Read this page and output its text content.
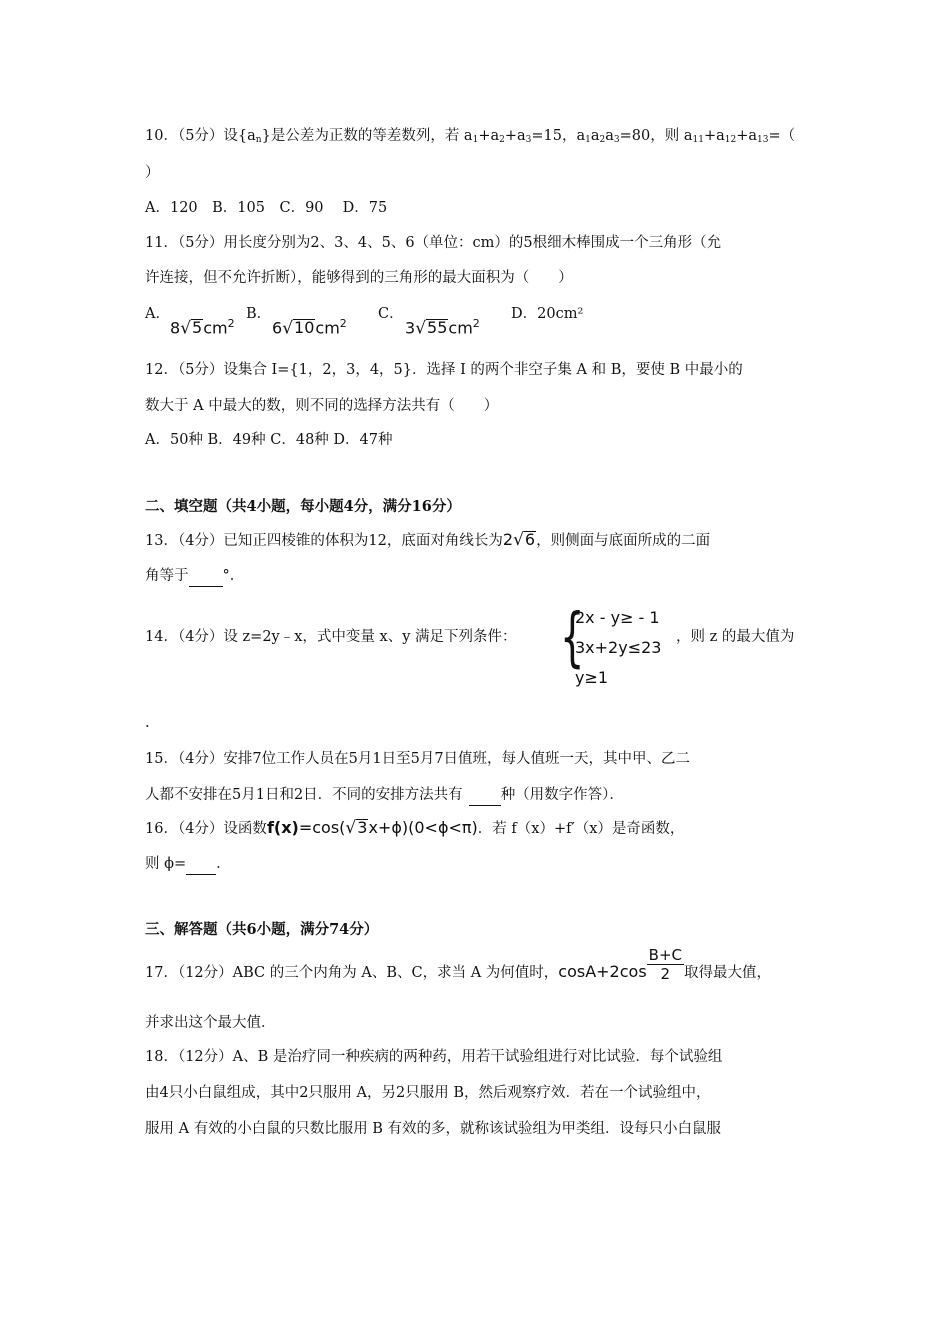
10．（5分）设$\{a_n\}$是公差为正数的等差数列，若 $a_1+a_2+a_3=15$，$a_1a_2a_3=80$，则 $a_{11}+a_{12}+a_{13}=$（
）
A．120　B．105　C．90　 D．75
11．（5分）用长度分别为2、3、4、5、6（单位：cm）的5根细木棒围成一个三角形（允
许连接，但不允许折断），能够得到的三角形的最大面积为（　　）
A．
$8√5cm^2$
B．
$6√10cm^2$
C．
$3√55cm^2$
D．20cm²
12．（5分）设集合 I={1，2，3，4，5}．选择 I 的两个非空子集 A 和 B，要使 B 中最小的
数大于 A 中最大的数，则不同的选择方法共有（　　）
A．50种 B．49种 C．48种 D．47种
二、填空题（共4小题，每小题4分，满分16分）
13．（4分）已知正四棱锥的体积为12，底面对角线长为2√6，则侧面与底面所成的二面
角等于 °．
14．（4分）设 z=2y﹣x，式中变量 x、y 满足下列条件： {
2x - y≥ - 1
3x+2y≤23
y≥1
，则 z 的最大值为
.
15．（4分）安排7位工作人员在5月1日至5月7日值班，每人值班一天，其中甲、乙二
人都不安排在5月1日和2日．不同的安排方法共有	种（用数字作答）．
16．（4分）设函数f(x)=cos(√3x+ϕ)(0<ϕ<π)．若 f（x）+f′（x）是奇函数，
则 ϕ= ．
三、解答题（共6小题，满分74分）
17．（12分）ABC 的三个内角为 A、B、C，求当 A 为何值时，$\cos A+2\cos \frac{B+C}{2}$ 取得最大值，
并求出这个最大值．
18．（12分）A、B 是治疗同一种疾病的两种药，用若干试验组进行对比试验．每个试验组
由4只小白鼠组成，其中2只服用 A，另2只服用 B，然后观察疗效．若在一个试验组中，
服用 A 有效的小白鼠的只数比服用 B 有效的多，就称该试验组为甲类组．设每只小白鼠服
